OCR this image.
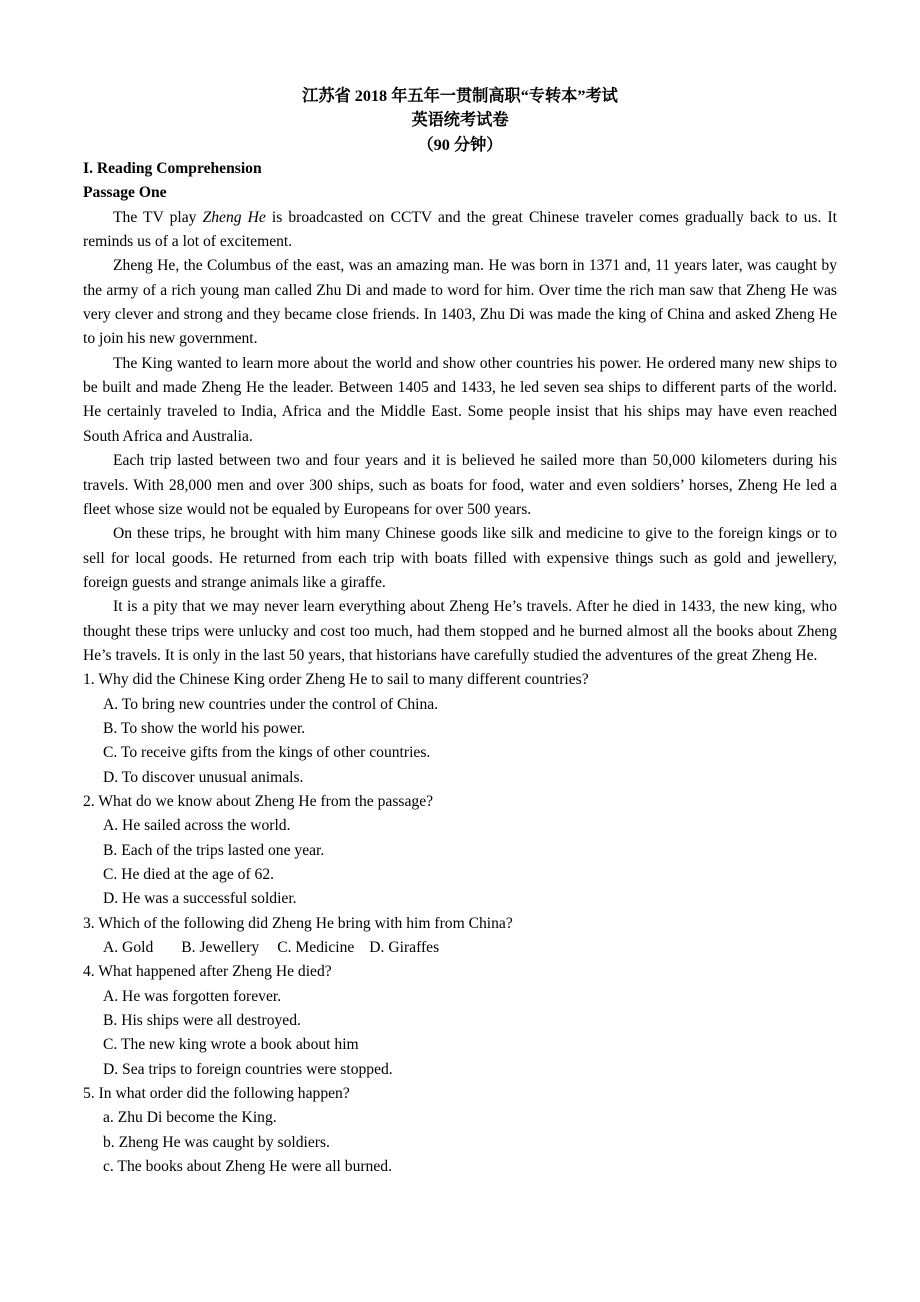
江苏省 2018 年五年一贯制高职“专转本”考试
英语统考试卷
（90 分钟）
I. Reading Comprehension
Passage One

The TV play Zheng He is broadcasted on CCTV and the great Chinese traveler comes gradually back to us. It reminds us of a lot of excitement.

Zheng He, the Columbus of the east, was an amazing man. He was born in 1371 and, 11 years later, was caught by the army of a rich young man called Zhu Di and made to word for him. Over time the rich man saw that Zheng He was very clever and strong and they became close friends. In 1403, Zhu Di was made the king of China and asked Zheng He to join his new government.

The King wanted to learn more about the world and show other countries his power. He ordered many new ships to be built and made Zheng He the leader. Between 1405 and 1433, he led seven sea ships to different parts of the world. He certainly traveled to India, Africa and the Middle East. Some people insist that his ships may have even reached South Africa and Australia.

Each trip lasted between two and four years and it is believed he sailed more than 50,000 kilometers during his travels. With 28,000 men and over 300 ships, such as boats for food, water and even soldiers’ horses, Zheng He led a fleet whose size would not be equaled by Europeans for over 500 years.

On these trips, he brought with him many Chinese goods like silk and medicine to give to the foreign kings or to sell for local goods. He returned from each trip with boats filled with expensive things such as gold and jewellery, foreign guests and strange animals like a giraffe.

It is a pity that we may never learn everything about Zheng He’s travels. After he died in 1433, the new king, who thought these trips were unlucky and cost too much, had them stopped and he burned almost all the books about Zheng He’s travels. It is only in the last 50 years, that historians have carefully studied the adventures of the great Zheng He.

1. Why did the Chinese King order Zheng He to sail to many different countries?

A. To bring new countries under the control of China.

B. To show the world his power.

C. To receive gifts from the kings of other countries.

D. To discover unusual animals.

2. What do we know about Zheng He from the passage?

A. He sailed across the world.

B. Each of the trips lasted one year.

C. He died at the age of 62.

D. He was a successful soldier.

3. Which of the following did Zheng He bring with him from China?

A. Gold B. Jewellery C. Medicine D. Giraffes

4. What happened after Zheng He died?

A. He was forgotten forever.

B. His ships were all destroyed.

C. The new king wrote a book about him

D. Sea trips to foreign countries were stopped.

5. In what order did the following happen?

a. Zhu Di become the King.

b. Zheng He was caught by soldiers.

c. The books about Zheng He were all burned.
